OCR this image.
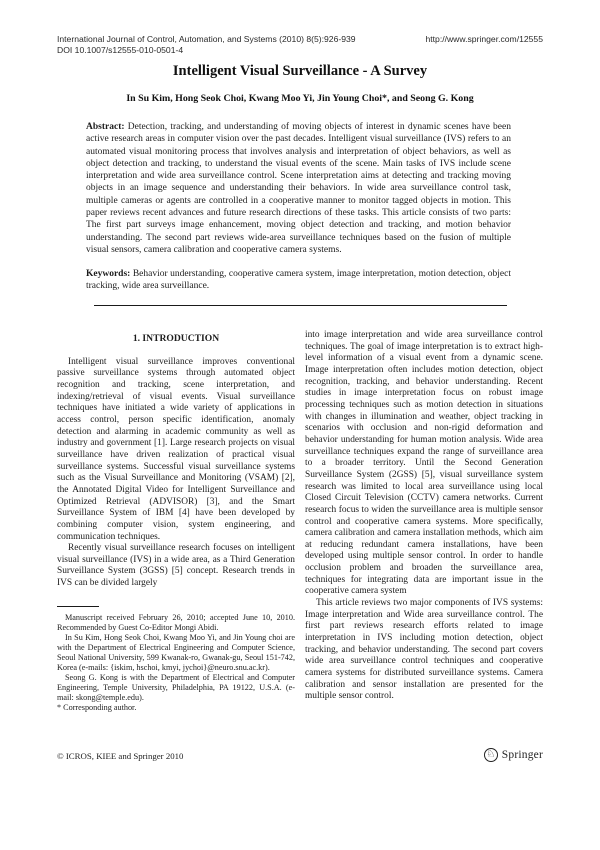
International Journal of Control, Automation, and Systems (2010) 8(5):926-939
DOI 10.1007/s12555-010-0501-4
http://www.springer.com/12555
Intelligent Visual Surveillance - A Survey
In Su Kim, Hong Seok Choi, Kwang Moo Yi, Jin Young Choi*, and Seong G. Kong
Abstract: Detection, tracking, and understanding of moving objects of interest in dynamic scenes have been active research areas in computer vision over the past decades. Intelligent visual surveillance (IVS) refers to an automated visual monitoring process that involves analysis and interpretation of object behaviors, as well as object detection and tracking, to understand the visual events of the scene. Main tasks of IVS include scene interpretation and wide area surveillance control. Scene interpretation aims at detecting and tracking moving objects in an image sequence and understanding their behaviors. In wide area surveillance control task, multiple cameras or agents are controlled in a cooperative manner to monitor tagged objects in motion. This paper reviews recent advances and future research directions of these tasks. This article consists of two parts: The first part surveys image enhancement, moving object detection and tracking, and motion behavior understanding. The second part reviews wide-area surveillance techniques based on the fusion of multiple visual sensors, camera calibration and cooperative camera systems.
Keywords: Behavior understanding, cooperative camera system, image interpretation, motion detection, object tracking, wide area surveillance.
1. INTRODUCTION

Intelligent visual surveillance improves conventional passive surveillance systems through automated object recognition and tracking, scene interpretation, and indexing/retrieval of visual events. Visual surveillance techniques have initiated a wide variety of applications in access control, person specific identification, anomaly detection and alarming in academic community as well as industry and government [1]. Large research projects on visual surveillance have driven realization of practical visual surveillance systems. Successful visual surveillance systems such as the Visual Surveillance and Monitoring (VSAM) [2], the Annotated Digital Video for Intelligent Surveillance and Optimized Retrieval (ADVISOR) [3], and the Smart Surveillance System of IBM [4] have been developed by combining computer vision, system engineering, and communication techniques.

Recently visual surveillance research focuses on intelligent visual surveillance (IVS) in a wide area, as a Third Generation Surveillance System (3GSS) [5] concept. Research trends in IVS can be divided largely

into image interpretation and wide area surveillance control techniques. The goal of image interpretation is to extract high-level information of a visual event from a dynamic scene. Image interpretation often includes motion detection, object recognition, tracking, and behavior understanding. Recent studies in image interpretation focus on robust image processing techniques such as motion detection in situations with changes in illumination and weather, object tracking in scenarios with occlusion and non-rigid deformation and behavior understanding for human motion analysis. Wide area surveillance techniques expand the range of surveillance area to a broader territory. Until the Second Generation Surveillance System (2GSS) [5], visual surveillance system research was limited to local area surveillance using local Closed Circuit Television (CCTV) camera networks. Current research focus to widen the surveillance area is multiple sensor control and cooperative camera systems. More specifically, camera calibration and camera installation methods, which aim at reducing redundant camera installations, have been developed using multiple sensor control. In order to handle occlusion problem and broaden the surveillance area, techniques for integrating data are important issue in the cooperative camera system

This article reviews two major components of IVS systems: Image interpretation and Wide area surveillance control. The first part reviews research efforts related to image interpretation in IVS including motion detection, object tracking, and behavior understanding. The second part covers wide area surveillance control techniques and cooperative camera systems for distributed surveillance systems. Camera calibration and sensor installation are presented for the multiple sensor control.

Manuscript received February 26, 2010; accepted June 10, 2010. Recommended by Guest Co-Editor Mongi Abidi.

In Su Kim, Hong Seok Choi, Kwang Moo Yi, and Jin Young choi are with the Department of Electrical Engineering and Computer Science, Seoul National University, 599 Kwanak-ro, Gwanak-gu, Seoul 151-742, Korea (e-mails: {iskim, hschoi, kmyi, jychoi}@neuro.snu.ac.kr).

Seong G. Kong is with the Department of Electrical and Computer Engineering, Temple University, Philadelphia, PA 19122, U.S.A. (e-mail: skong@temple.edu).

* Corresponding author.

© ICROS, KIEE and Springer 2010	♘ Springer
